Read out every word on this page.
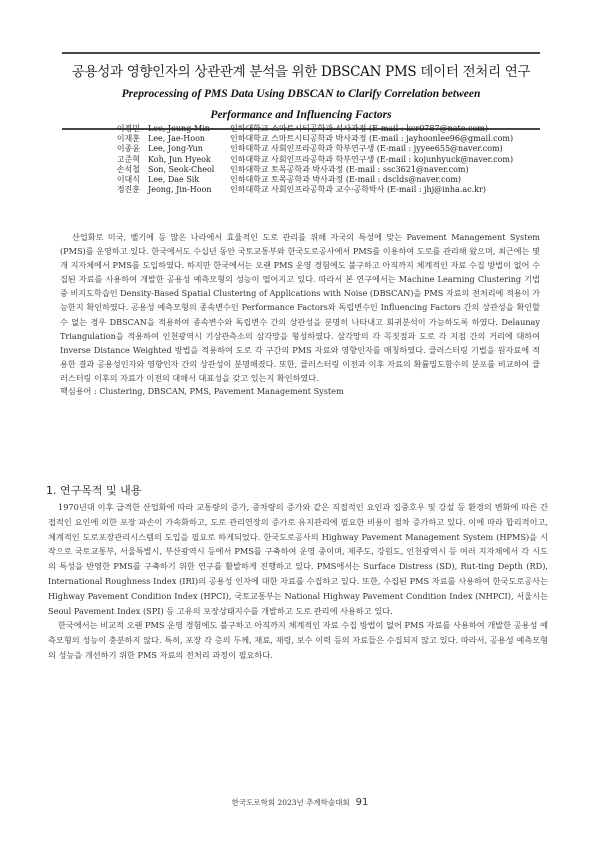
공용성과 영향인자의 상관관계 분석을 위한 DBSCAN PMS 데이터 전처리 연구
Preprocessing of PMS Data Using DBSCAN to Clarify Correlation between
Performance and Influencing Factors
이정민 Lee, Joung-Min	인하대학교 스마트시티공학과 석사과정 (E-mail : kcr0787@nate.com)
이재훈 Lee, Jae-Hoon	인하대학교 스마트시티공학과 박사과정 (E-mail : jayhoonlee96@gmail.com)
이종윤 Lee, Jong-Yun	인하대학교 사회인프라공학과 학부연구생 (E-mail : jyyee655@naver.com)
고준혁 Koh, Jun Hyeok 인하대학교 사회인프라공학과 학부연구생 (E-mail : kojunhyuck@naver.com)
손석철 Son, Seok-Cheol 인하대학교 토목공학과 박사과정 (E-mail : ssc3621@naver.com)
이대식 Lee, Dae Sik	인하대학교 토목공학과 박사과정 (E-mail : dsclds@naver.com)
정진훈 Jeong, Jin-Hoon 인하대학교 사회인프라공학과 교수·공학박사 (E-mail : jhj@inha.ac.kr)

산업화로 미국, 벨기에 등 많은 나라에서 효율적인 도로 관리를 위해 자국의 특성에 맞는 Pavement Management System (PMS)를 운영하고 있다. 한국에서도 수십년 동안 국토교통부와 한국도로공사에서 PMS를 이용하여 도로를 관리해 왔으며, 최근에는 몇 개 지자체에서 PMS를 도입하였다. 하지만 한국에서는 오랜 PMS 운영 경험에도 불구하고 아직까지 체계적인 자료 수집 방법이 없어 수집된 자료를 사용하여 개발한 공용성 예측모형의 성능이 떨어지고 있다. 따라서 본 연구에서는 Machine Learning Clustering 기법 중 비지도학습인 Density-Based Spatial Clustering of Applications with Noise (DBSCAN)을 PMS 자료의 전처리에 적용이 가능한지 확인하였다. 공용성 예측모형의 종속변수인 Performance Factors와 독립변수인 Influencing Factors 간의 상관성을 확인할 수 없는 경우 DBSCAN을 적용하여 종속변수와 독립변수 간의 상관성을 분명히 나타내고 회귀분석이 가능하도록 하였다. Delaunay Triangulation을 적용하여 인천광역시 기상관측소의 삼각망을 형성하였다. 삼각망의 각 꼭짓점과 도로 각 지점 간의 거리에 대하여 Inverse Distance Weighted 방법을 적용하여 도로 각 구간의 PMS 자료와 영향인자를 매칭하였다. 클러스터링 기법을 원자료에 적용한 결과 공용성인자와 영향인자 간의 상관성이 분명해졌다. 또한, 클러스터링 이전과 이후 자료의 확률밀도함수의 분포를 비교하여 클러스터링 이후의 자료가 이전의 대해서 대표성을 갖고 있는지 확인하였다.

핵심용어 : Clustering, DBSCAN, PMS, Pavement Management System
1. 연구목적 및 내용

1970년대 이후 급격한 산업화에 따라 교통량의 증가, 중차량의 증가와 같은 직접적인 요인과 집중호우 및 강설 등 환경의 변화에 따른 간접적인 요인에 의한 포장 파손이 가속화하고, 도로 관리연장의 증가로 유지관리에 필요한 비용이 점차 증가하고 있다. 이에 따라 합리적이고, 체계적인 도로포장관리시스템의 도입을 필요로 하게되었다. 한국도로공사의 Highway Pavement Management System (HPMS)을 시작으로 국토교통부, 서울특별시, 부산광역시 등에서 PMS를 구축하여 운영 중이며, 제주도, 강원도, 인천광역시 등 여러 지자체에서 각 시도의 특성을 반영한 PMS를 구축하기 위한 연구를 활발하게 진행하고 있다. PMS에서는 Surface Distress (SD), Rut-ting Depth (RD), International Roughness Index (IRI)의 공용성 인자에 대한 자료를 수집하고 있다. 또한, 수집된 PMS 자료를 사용하여 한국도로공사는 Highway Pavement Condition Index (HPCI), 국토교통부는 National Highway Pavement Condition Index (NHPCI), 서울시는 Seoul Pavement Index (SPI) 등 고유의 포장상태지수를 개발하고 도로 관리에 사용하고 있다.

한국에서는 비교적 오랜 PMS 운영 경험에도 불구하고 아직까지 체계적인 자료 수집 방법이 없어 PMS 자료를 사용하여 개발한 공용성 예측모형의 성능이 충분하지 않다. 특히, 포장 각 층의 두께, 재료, 재령, 보수 이력 등의 자료들은 수집되지 않고 있다. 따라서, 공용성 예측모형의 성능을 개선하기 위한 PMS 자료의 전처리 과정이 필요하다.

한국도로학회 2023년 추계학술대회 91
